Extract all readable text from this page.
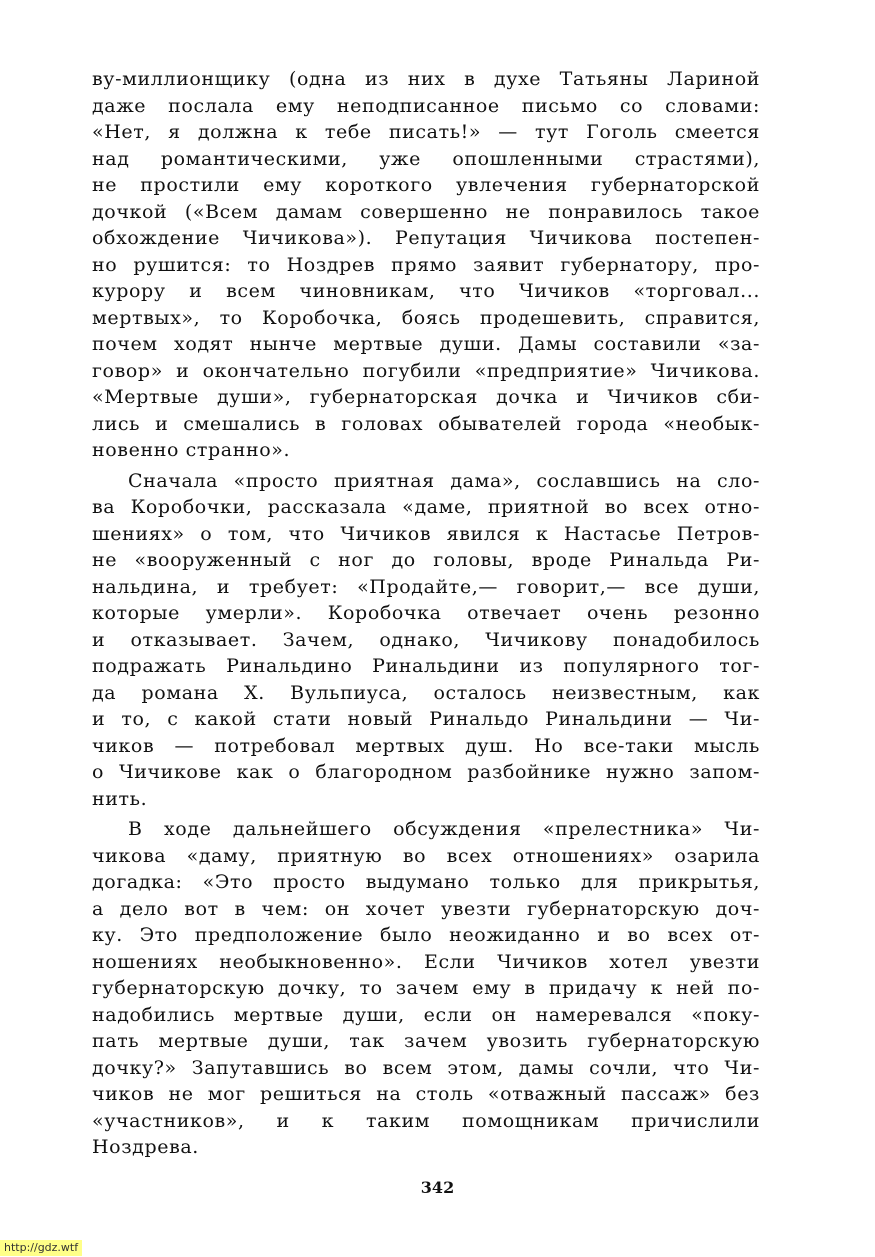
ву-миллионщику (одна из них в духе Татьяны Лариной
даже послала ему неподписанное письмо со словами:
«Нет, я должна к тебе писать!» — тут Гоголь смеется
над романтическими, уже опошленными страстями),
не простили ему короткого увлечения губернаторской
дочкой («Всем дамам совершенно не понравилось такое
обхождение Чичикова»). Репутация Чичикова постепен-
но рушится: то Ноздрев прямо заявит губернатору, про-
курору и всем чиновникам, что Чичиков «торговал...
мертвых», то Коробочка, боясь продешевить, справится,
почем ходят нынче мертвые души. Дамы составили «за-
говор» и окончательно погубили «предприятие» Чичикова.
«Мертвые души», губернаторская дочка и Чичиков сби-
лись и смешались в головах обывателей города «необык-
новенно странно».
Сначала «просто приятная дама», сославшись на сло-
ва Коробочки, рассказала «даме, приятной во всех отно-
шениях» о том, что Чичиков явился к Настасье Петров-
не «вооруженный с ног до головы, вроде Ринальда Ри-
нальдина, и требует: «Продайте,— говорит,— все души,
которые умерли». Коробочка отвечает очень резонно
и отказывает. Зачем, однако, Чичикову понадобилось
подражать Ринальдино Ринальдини из популярного тог-
да романа X. Вульпиуса, осталось неизвестным, как
и то, с какой стати новый Ринальдо Ринальдини — Чи-
чиков — потребовал мертвых душ. Но все-таки мысль
о Чичикове как о благородном разбойнике нужно запом-
нить.
В ходе дальнейшего обсуждения «прелестника» Чи-
чикова «даму, приятную во всех отношениях» озарила
догадка: «Это просто выдумано только для прикрытья,
а дело вот в чем: он хочет увезти губернаторскую доч-
ку. Это предположение было неожиданно и во всех от-
ношениях необыкновенно». Если Чичиков хотел увезти
губернаторскую дочку, то зачем ему в придачу к ней по-
надобились мертвые души, если он намеревался «поку-
пать мертвые души, так зачем увозить губернаторскую
дочку?» Запутавшись во всем этом, дамы сочли, что Чи-
чиков не мог решиться на столь «отважный пассаж» без
«участников», и к таким помощникам причислили
Ноздрева.
342
http://gdz.wtf
